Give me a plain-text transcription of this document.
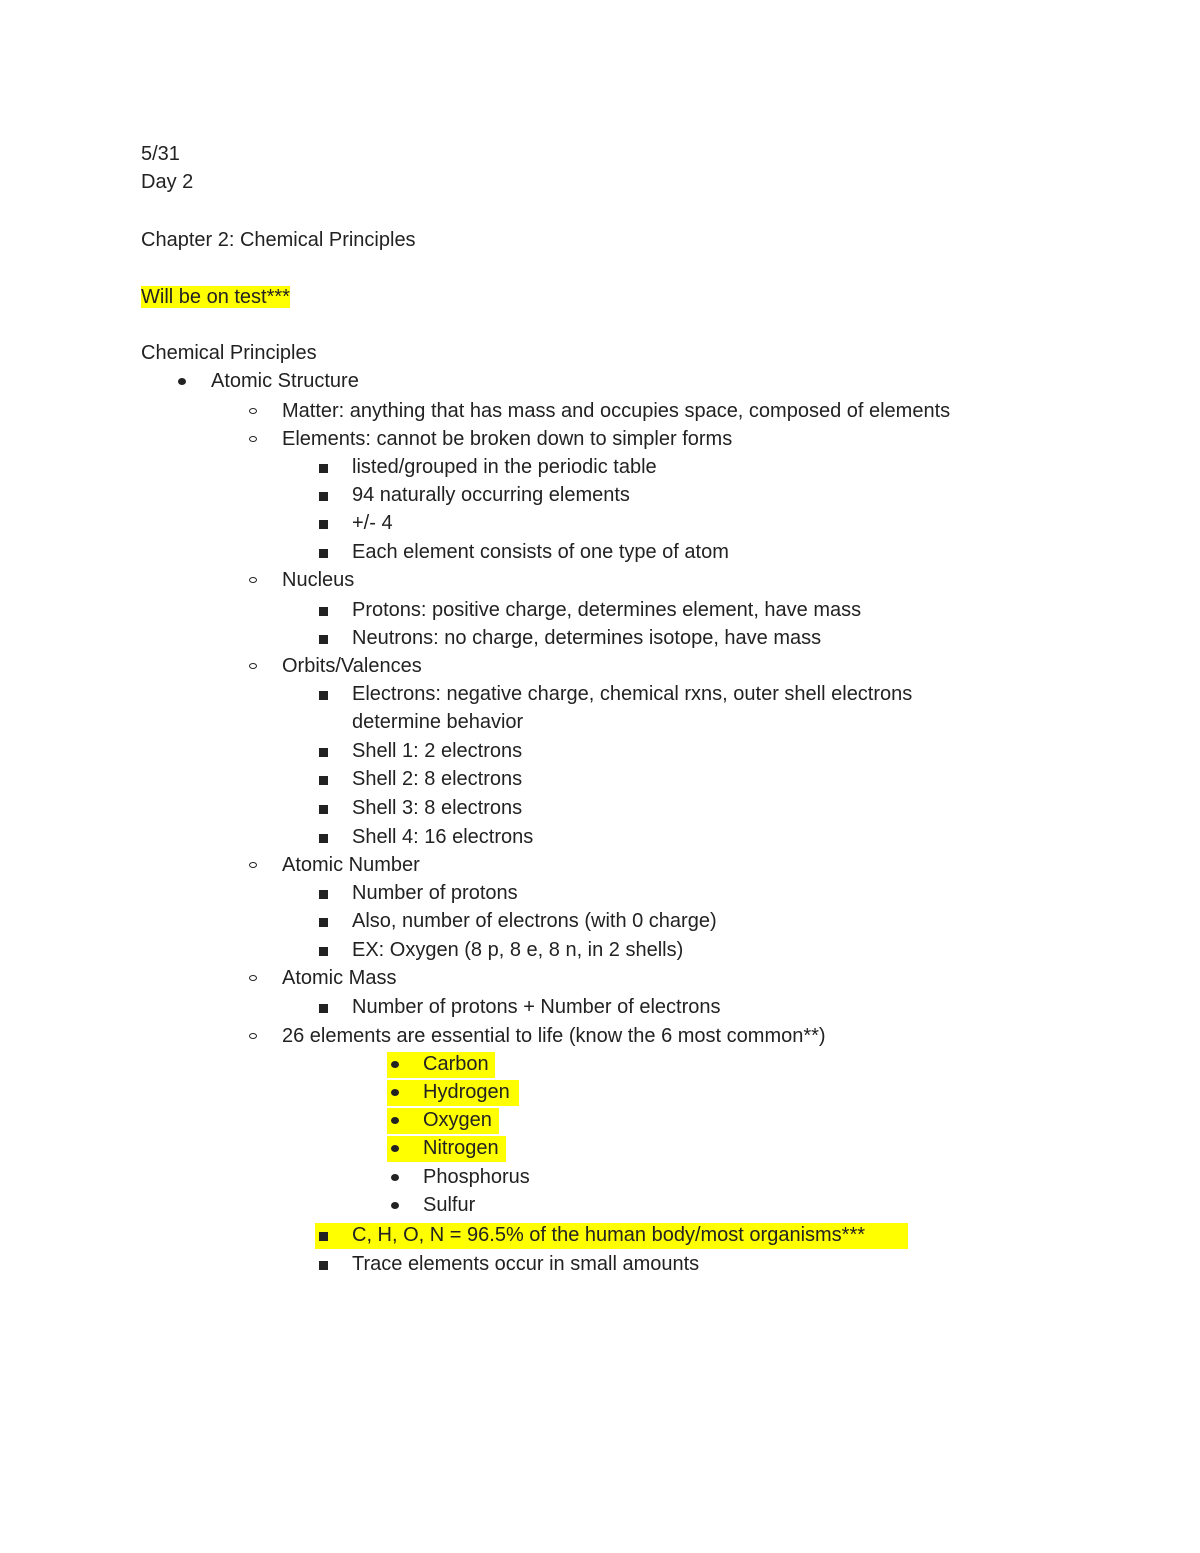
5/31
Day 2
Chapter 2: Chemical Principles
Will be on test***
Chemical Principles
Atomic Structure
Matter: anything that has mass and occupies space, composed of elements
Elements: cannot be broken down to simpler forms
listed/grouped in the periodic table
94 naturally occurring elements
+/- 4
Each element consists of one type of atom
Nucleus
Protons: positive charge, determines element, have mass
Neutrons: no charge, determines isotope, have mass
Orbits/Valences
Electrons: negative charge, chemical rxns, outer shell electrons
determine behavior
Shell 1: 2 electrons
Shell 2: 8 electrons
Shell 3: 8 electrons
Shell 4: 16 electrons
Atomic Number
Number of protons
Also, number of electrons (with 0 charge)
EX: Oxygen (8 p, 8 e, 8 n, in 2 shells)
Atomic Mass
Number of protons + Number of electrons
26 elements are essential to life (know the 6 most common**)
Carbon
Hydrogen
Oxygen
Nitrogen
Phosphorus
Sulfur
C, H, O, N = 96.5% of the human body/most organisms***
Trace elements occur in small amounts
